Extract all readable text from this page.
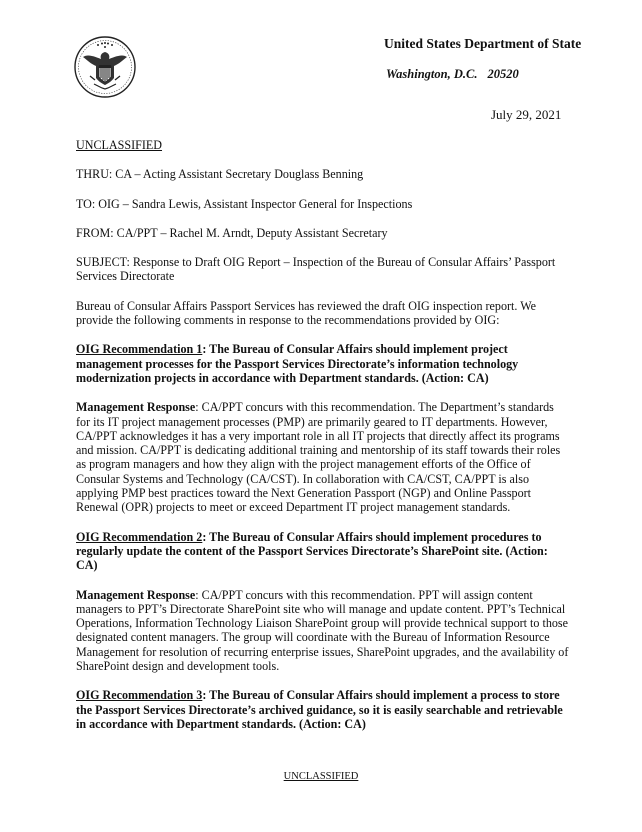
United States Department of State
Washington, D.C. 20520
July 29, 2021

UNCLASSIFIED

THRU: CA – Acting Assistant Secretary Douglass Benning

TO: OIG – Sandra Lewis, Assistant Inspector General for Inspections

FROM: CA/PPT – Rachel M. Arndt, Deputy Assistant Secretary

SUBJECT: Response to Draft OIG Report – Inspection of the Bureau of Consular Affairs’ Passport Services Directorate

Bureau of Consular Affairs Passport Services has reviewed the draft OIG inspection report. We provide the following comments in response to the recommendations provided by OIG:

OIG Recommendation 1: The Bureau of Consular Affairs should implement project management processes for the Passport Services Directorate’s information technology modernization projects in accordance with Department standards. (Action: CA)

Management Response: CA/PPT concurs with this recommendation. The Department’s standards for its IT project management processes (PMP) are primarily geared to IT departments. However, CA/PPT acknowledges it has a very important role in all IT projects that directly affect its programs and mission. CA/PPT is dedicating additional training and mentorship of its staff towards their roles as program managers and how they align with the project management efforts of the Office of Consular Systems and Technology (CA/CST). In collaboration with CA/CST, CA/PPT is also applying PMP best practices toward the Next Generation Passport (NGP) and Online Passport Renewal (OPR) projects to meet or exceed Department IT project management standards.

OIG Recommendation 2: The Bureau of Consular Affairs should implement procedures to regularly update the content of the Passport Services Directorate’s SharePoint site. (Action: CA)

Management Response: CA/PPT concurs with this recommendation. PPT will assign content managers to PPT’s Directorate SharePoint site who will manage and update content. PPT’s Technical Operations, Information Technology Liaison SharePoint group will provide technical support to those designated content managers. The group will coordinate with the Bureau of Information Resource Management for resolution of recurring enterprise issues, SharePoint upgrades, and the availability of SharePoint design and development tools.

OIG Recommendation 3: The Bureau of Consular Affairs should implement a process to store the Passport Services Directorate’s archived guidance, so it is easily searchable and retrievable in accordance with Department standards. (Action: CA)

UNCLASSIFIED
